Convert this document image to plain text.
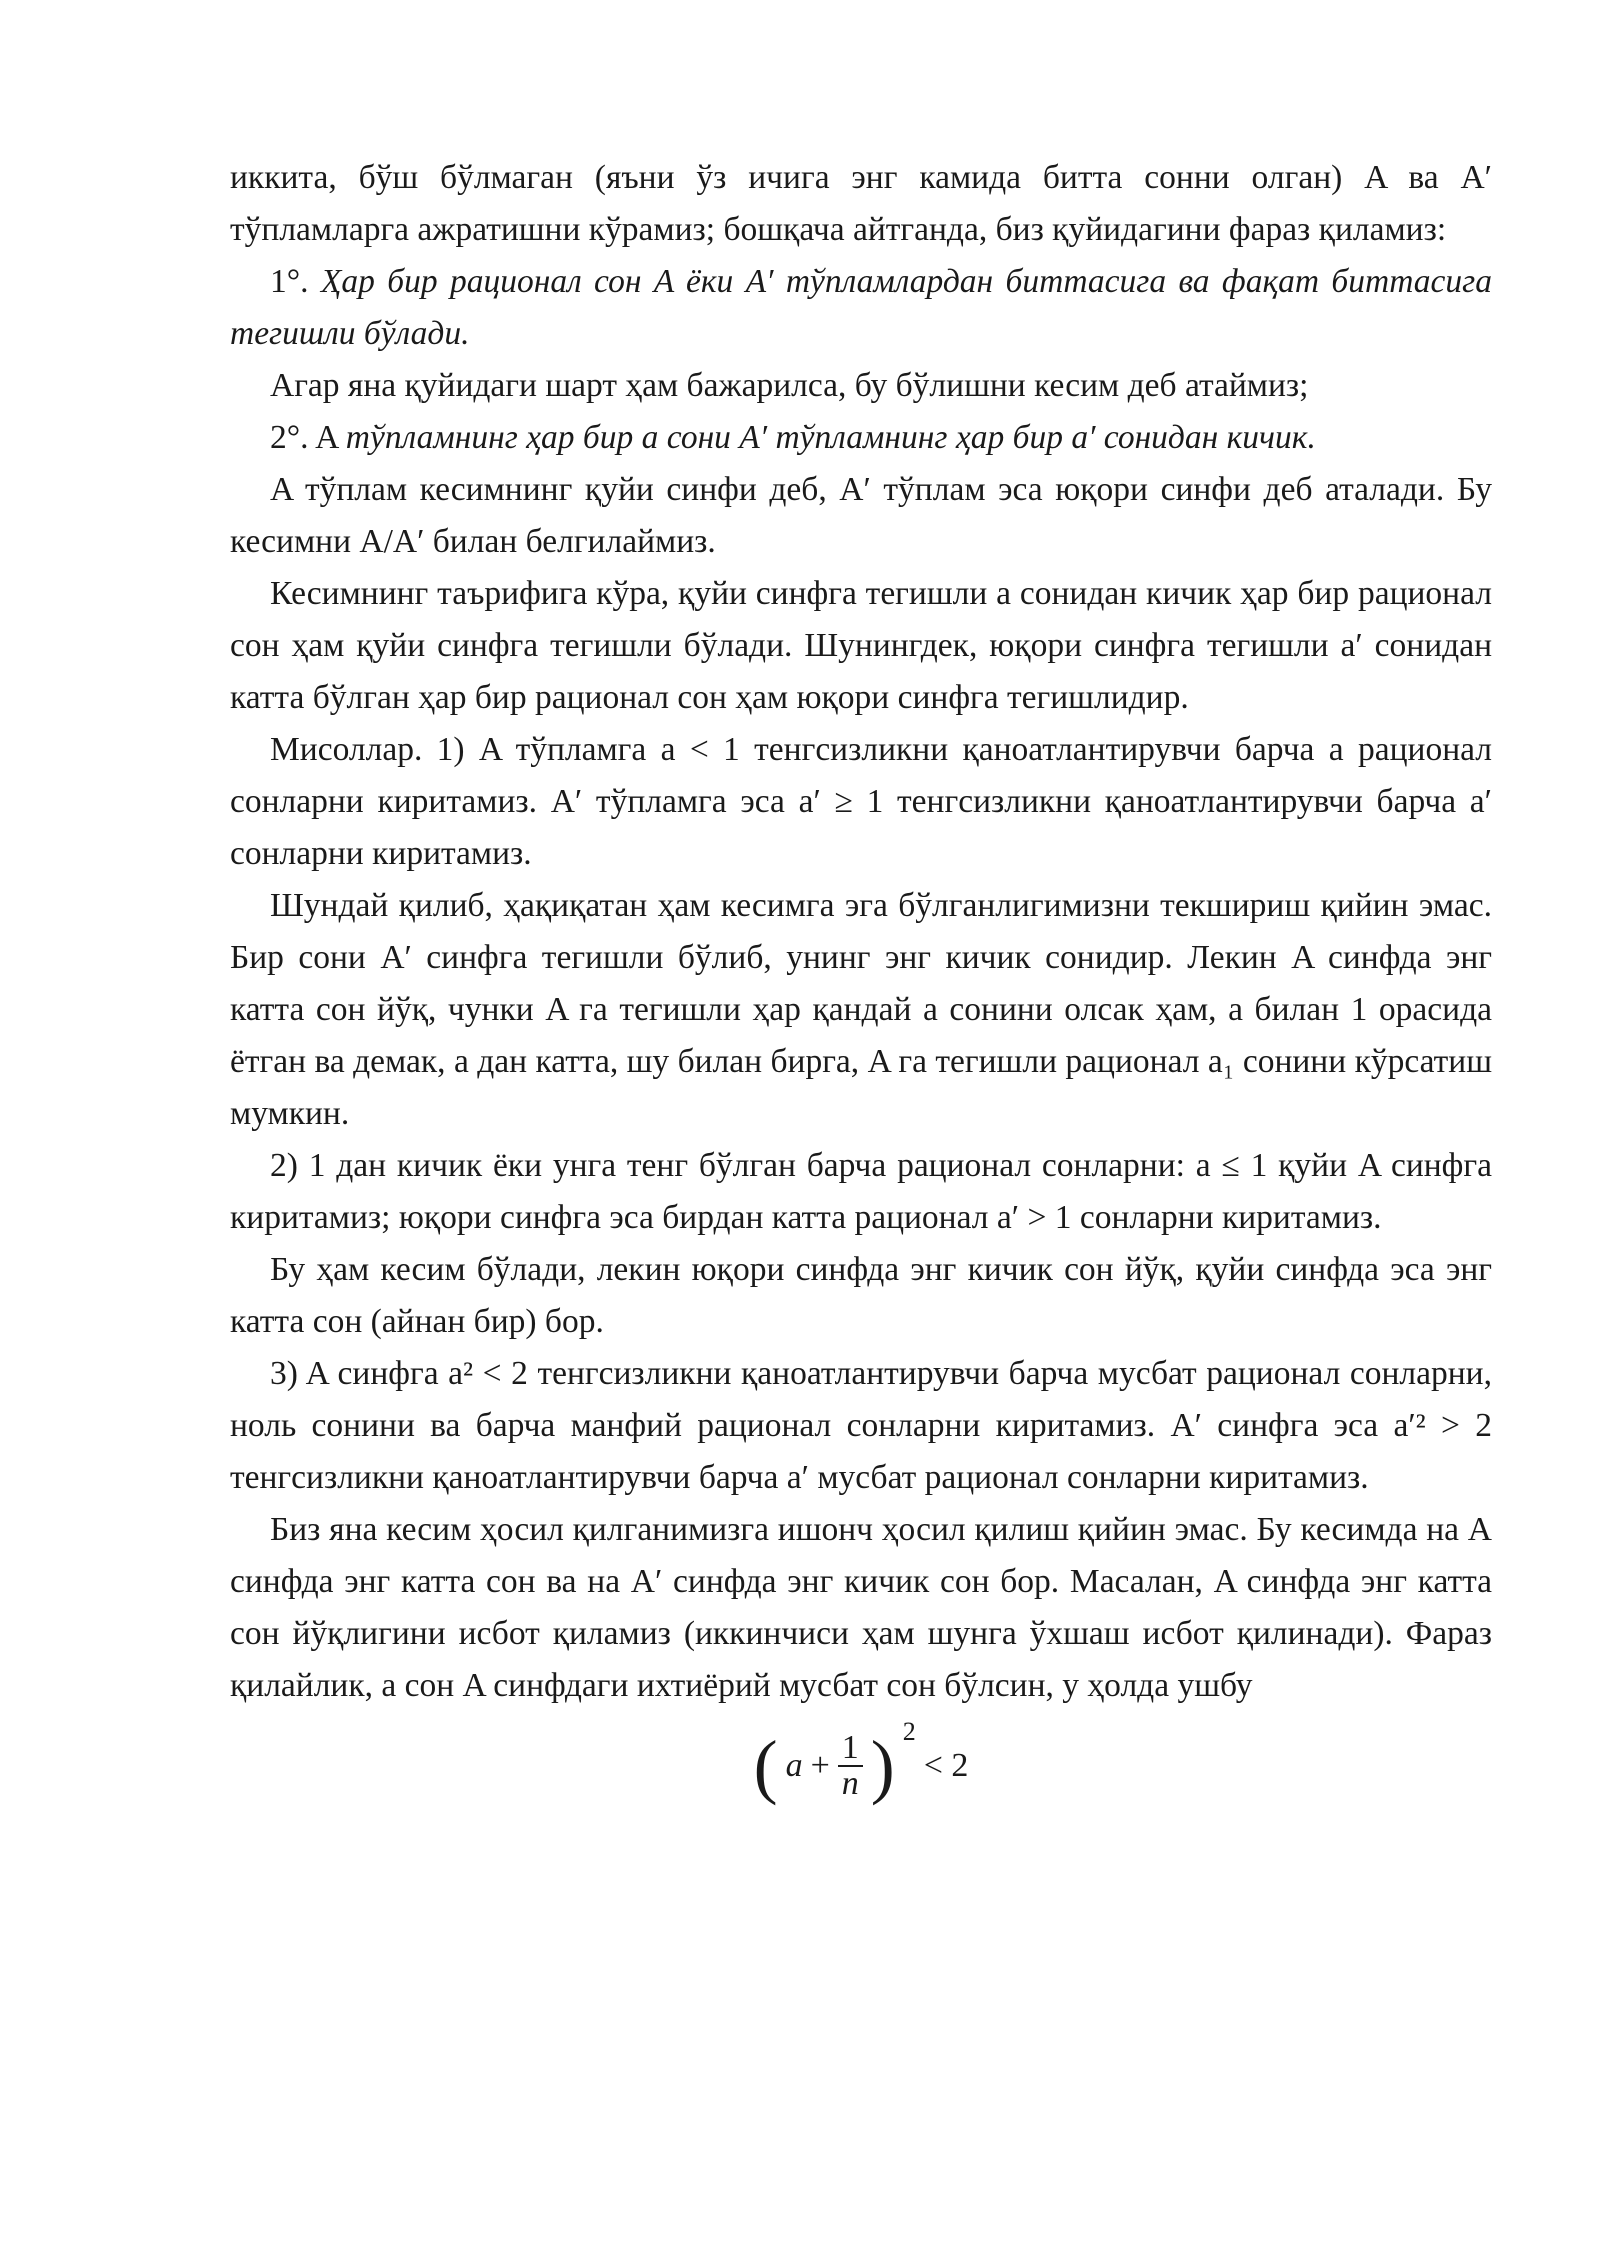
иккита, бўш бўлмаган (яъни ўз ичига энг камида битта сонни олган) A ва A′ тўпламларга ажратишни кўрамиз; бошқача айтганда, биз қуйидагини фараз қиламиз:

1°. Ҳар бир рационал сон A ёки A′ тўпламлардан биттасига ва фақат биттасига тегишли бўлади.

Агар яна қуйидаги шарт ҳам бажарилса, бу бўлишни кесим деб атаймиз;

2°. A тўпламнинг ҳар бир a сони A′ тўпламнинг ҳар бир a′ сонидан кичик.

A тўплам кесимнинг қуйи синфи деб, A′ тўплам эса юқори синфи деб аталади. Бу кесимни A/A′ билан белгилаймиз.

Кесимнинг таърифига кўра, қуйи синфга тегишли a сонидан кичик ҳар бир рационал сон ҳам қуйи синфга тегишли бўлади. Шунингдек, юқори синфга тегишли a′ сонидан катта бўлган ҳар бир рационал сон ҳам юқори синфга тегишлидир.

Мисоллар. 1) A тўпламга a < 1 тенгсизликни қаноатлантирувчи барча a рационал сонларни киритамиз. A′ тўпламга эса a′ ≥ 1 тенгсизликни қаноатлантирувчи барча a′ сонларни киритамиз.

Шундай қилиб, ҳақиқатан ҳам кесимга эга бўлганлигимизни текшириш қийин эмас. Бир сони A′ синфга тегишли бўлиб, унинг энг кичик сонидир. Лекин A синфда энг катта сон йўқ, чунки A га тегишли ҳар қандай a сонини олсак ҳам, a билан 1 орасида ётган ва демак, a дан катта, шу билан бирга, A га тегишли рационал a₁ сонини кўрсатиш мумкин.

2) 1 дан кичик ёки унга тенг бўлган барча рационал сонларни: a ≤ 1 қуйи A синфга киритамиз; юқори синфга эса бирдан катта рационал a′ > 1 сонларни киритамиз.

Бу ҳам кесим бўлади, лекин юқори синфда энг кичик сон йўқ, қуйи синфда эса энг катта сон (айнан бир) бор.

3) A синфга a² < 2 тенгсизликни қаноатлантирувчи барча мусбат рационал сонларни, ноль сонини ва барча манфий рационал сонларни киритамиз. A′ синфга эса a′² > 2 тенгсизликни қаноатлантирувчи барча a′ мусбат рационал сонларни киритамиз.

Биз яна кесим ҳосил қилганимизга ишонч ҳосил қилиш қийин эмас. Бу кесимда на A синфда энг катта сон ва на A′ синфда энг кичик сон бор. Масалан, A синфда энг катта сон йўқлигини исбот қиламиз (иккинчиси ҳам шунга ўхшаш исбот қилинади). Фараз қилайлик, a сон A синфдаги ихтиёрий мусбат сон бўлсин, у ҳолда ушбу

( $a + \frac{1}{n}$ ) 2
< 2
